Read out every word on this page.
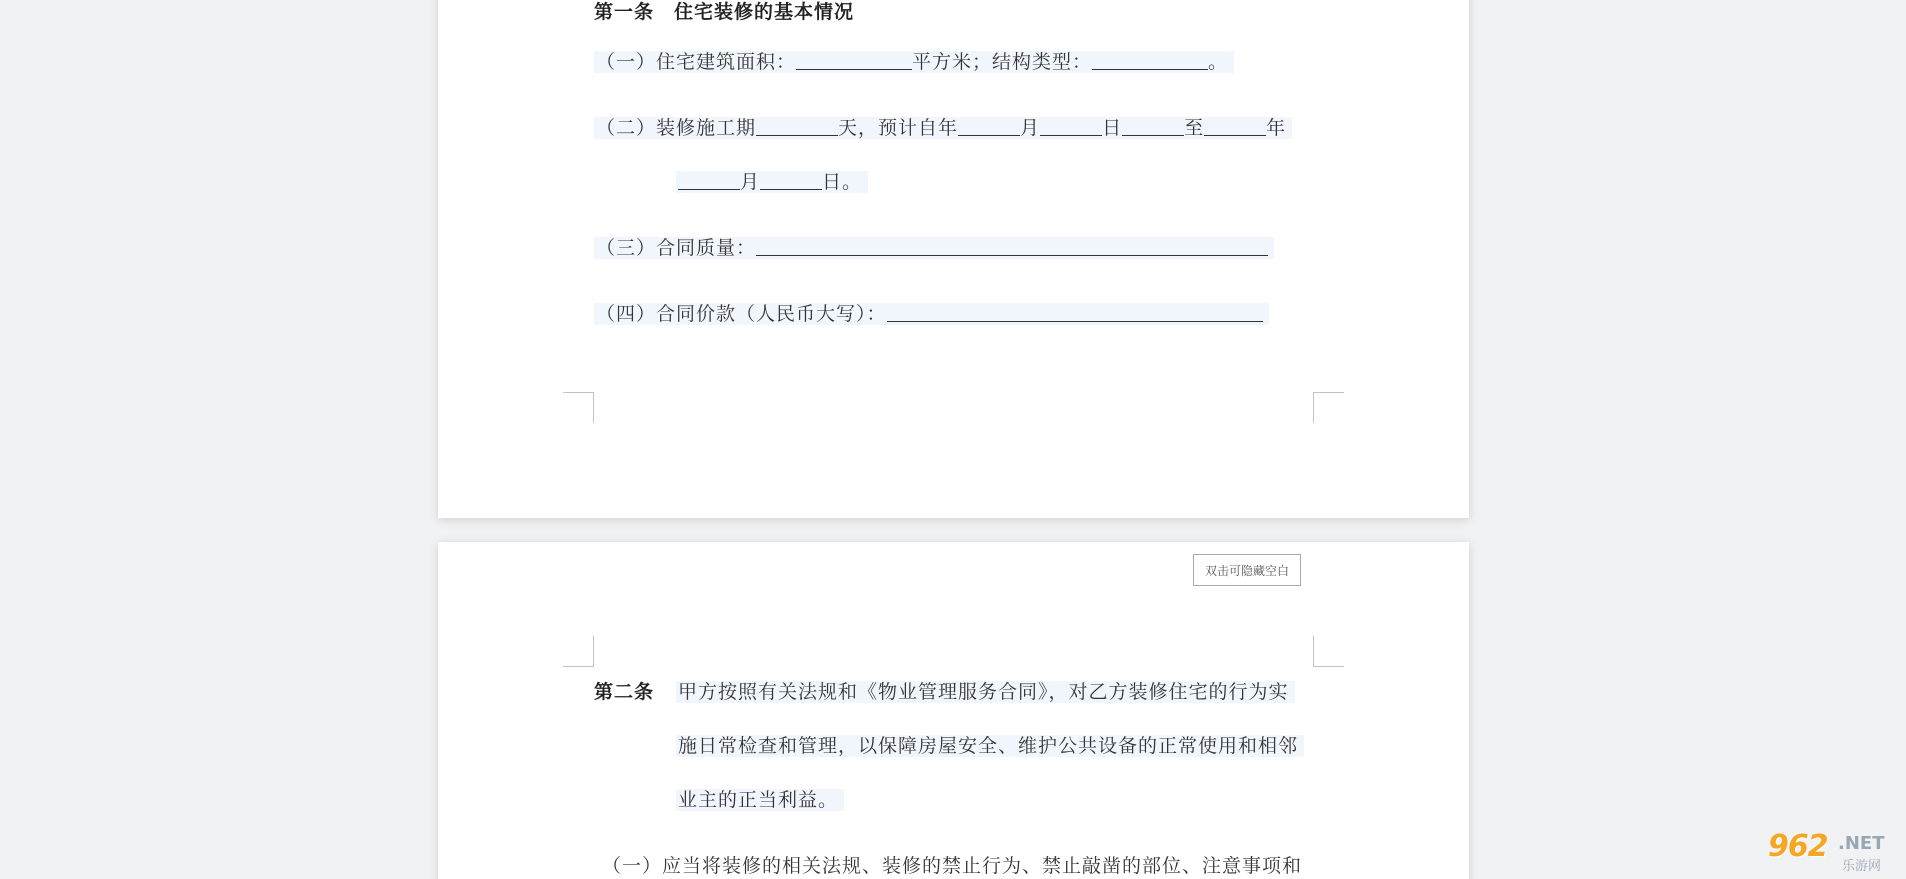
第一条　住宅装修的基本情况
（一）住宅建筑面积：	平方米；结构类型：	。
（二）装修施工期	天，预计自年	月	日	至	年
月	日。
（三）合同质量：
（四）合同价款（人民币大写）：
双击可隐藏空白
第二条 甲方按照有关法规和《物业管理服务合同》，对乙方装修住宅的行为实
施日常检查和管理，以保障房屋安全、维护公共设备的正常使用和相邻
业主的正当利益。
（一）应当将装修的相关法规、装修的禁止行为、禁止敲凿的部位、注意事项和
962 .NET
乐游网
